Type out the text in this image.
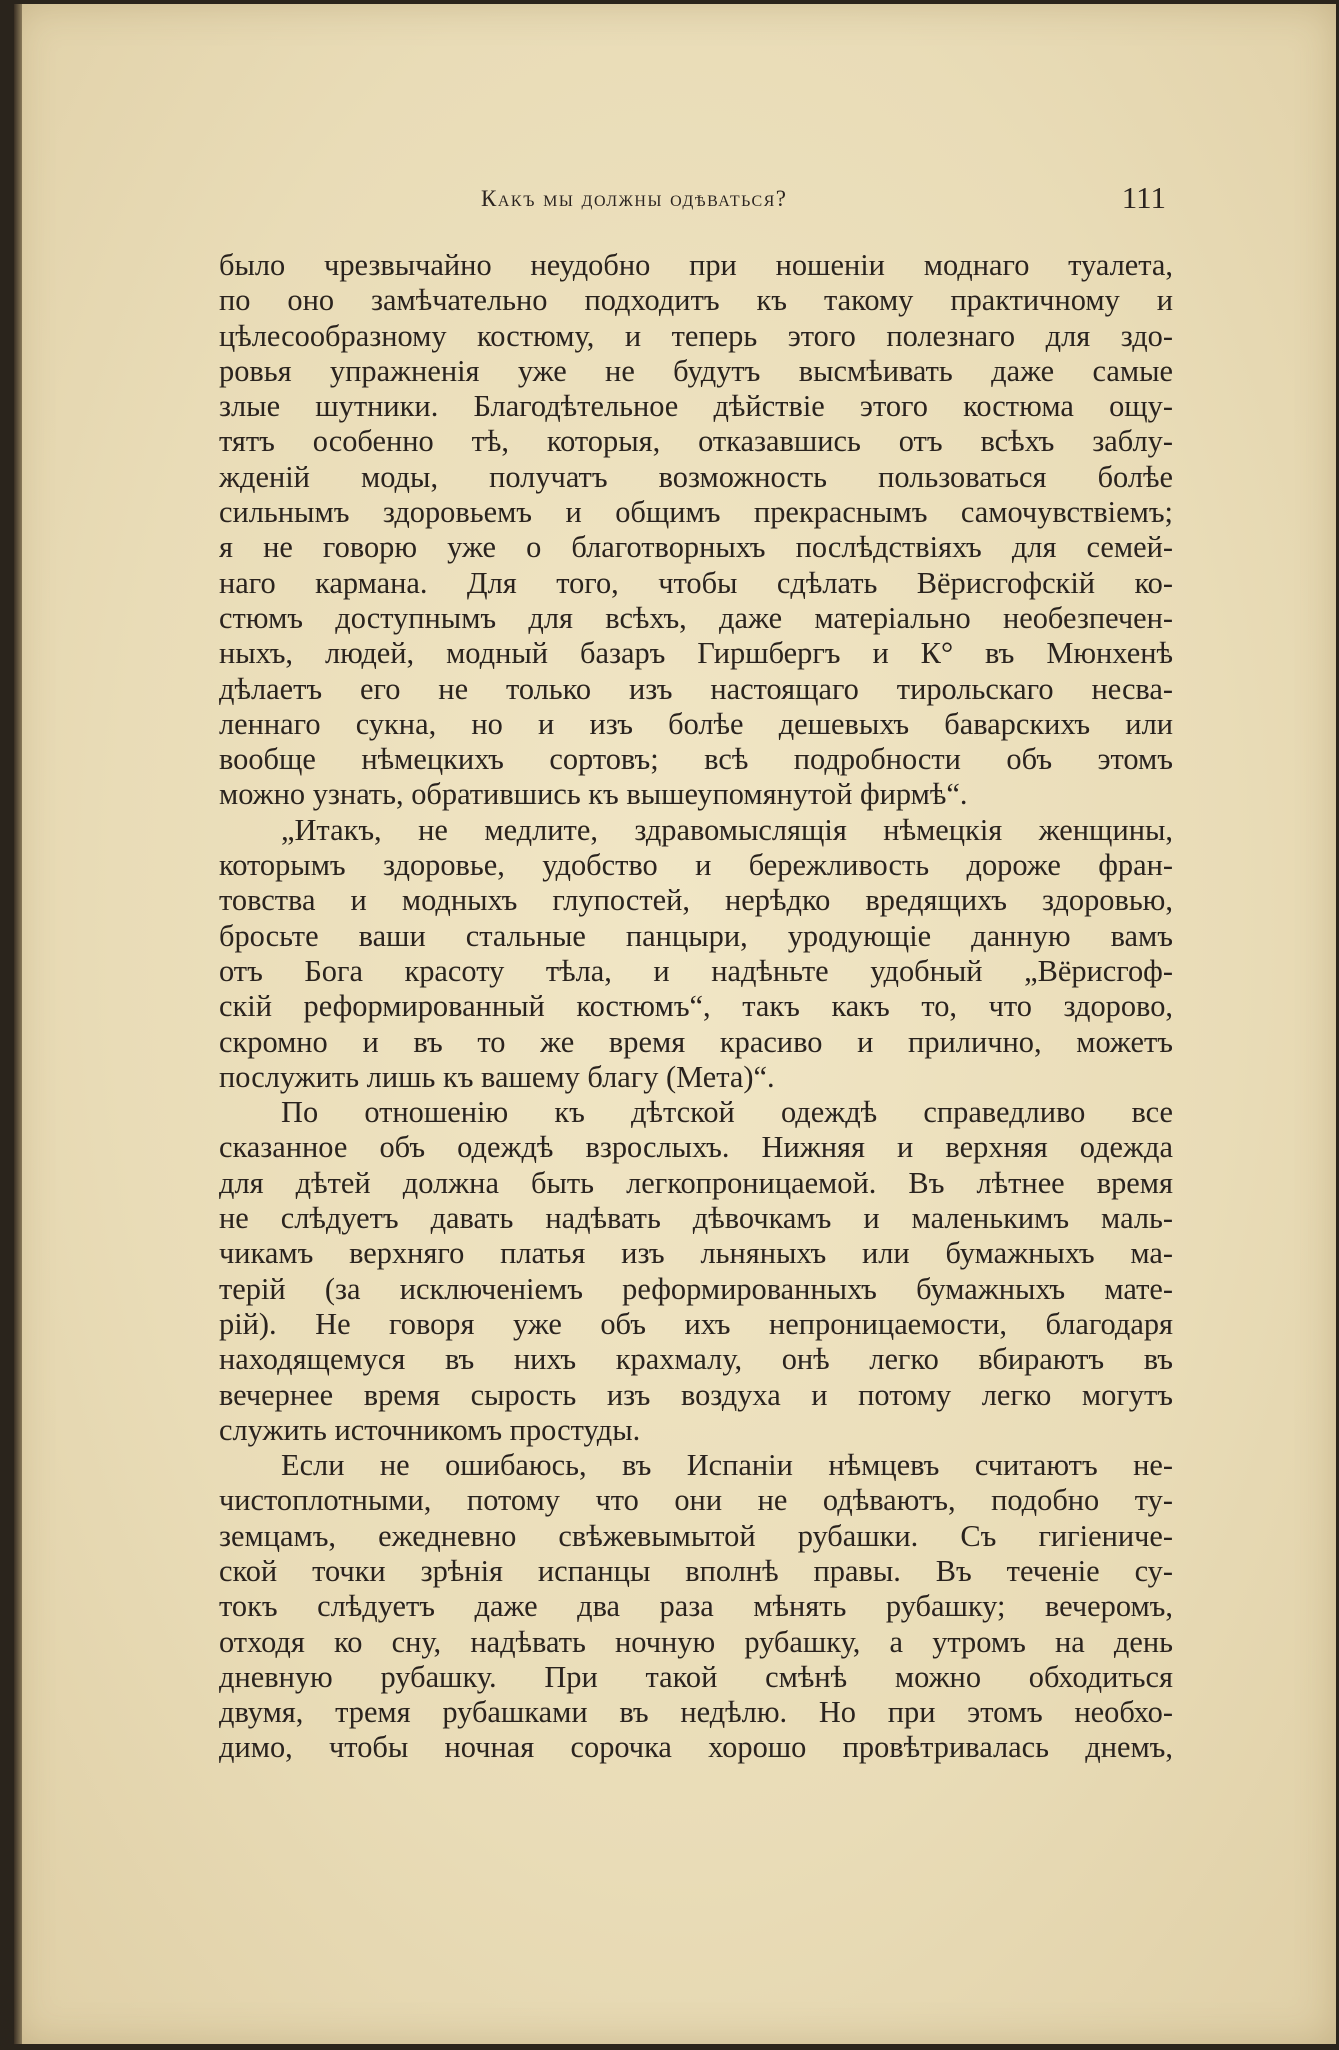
Какъ мы должны одѣваться?	111
было чрезвычайно неудобно при ношеніи моднаго туалета,
по оно замѣчательно подходитъ къ такому практичному и
цѣлесообразному костюму, и теперь этого полезнаго для здо-
ровья упражненія уже не будутъ высмѣивать даже самые
злые шутники. Благодѣтельное дѣйствіе этого костюма ощу-
тятъ особенно тѣ, которыя, отказавшись отъ всѣхъ заблу-
жденій моды, получатъ возможность пользоваться болѣе
сильнымъ здоровьемъ и общимъ прекраснымъ самочувствіемъ;
я не говорю уже о благотворныхъ послѣдствіяхъ для семей-
наго кармана. Для того, чтобы сдѣлать Вёрисгофскій ко-
стюмъ доступнымъ для всѣхъ, даже матеріально необезпечен-
ныхъ, людей, модный базаръ Гиршбергъ и К° въ Мюнхенѣ
дѣлаетъ его не только изъ настоящаго тирольскаго несва-
леннаго сукна, но и изъ болѣе дешевыхъ баварскихъ или
вообще нѣмецкихъ сортовъ; всѣ подробности объ этомъ
можно узнать, обратившись къ вышеупомянутой фирмѣ“.
„Итакъ, не медлите, здравомыслящія нѣмецкія женщины,
которымъ здоровье, удобство и бережливость дороже фран-
товства и модныхъ глупостей, нерѣдко вредящихъ здоровью,
бросьте ваши стальные панцыри, уродующіе данную вамъ
отъ Бога красоту тѣла, и надѣньте удобный „Вёрисгоф-
скій реформированный костюмъ“, такъ какъ то, что здорово,
скромно и въ то же время красиво и прилично, можетъ
послужить лишь къ вашему благу (Мета)“.
По отношенію къ дѣтской одеждѣ справедливо все
сказанное объ одеждѣ взрослыхъ. Нижняя и верхняя одежда
для дѣтей должна быть легкопроницаемой. Въ лѣтнее время
не слѣдуетъ давать надѣвать дѣвочкамъ и маленькимъ маль-
чикамъ верхняго платья изъ льняныхъ или бумажныхъ ма-
терій (за исключеніемъ реформированныхъ бумажныхъ мате-
рій). Не говоря уже объ ихъ непроницаемости, благодаря
находящемуся въ нихъ крахмалу, онѣ легко вбираютъ въ
вечернее время сырость изъ воздуха и потому легко могутъ
служить источникомъ простуды.
Если не ошибаюсь, въ Испаніи нѣмцевъ считаютъ не-
чистоплотными, потому что они не одѣваютъ, подобно ту-
земцамъ, ежедневно свѣжевымытой рубашки. Съ гигіениче-
ской точки зрѣнія испанцы вполнѣ правы. Въ теченіе су-
токъ слѣдуетъ даже два раза мѣнять рубашку; вечеромъ,
отходя ко сну, надѣвать ночную рубашку, а утромъ на день
дневную рубашку. При такой смѣнѣ можно обходиться
двумя, тремя рубашками въ недѣлю. Но при этомъ необхо-
димо, чтобы ночная сорочка хорошо провѣтривалась днемъ,
